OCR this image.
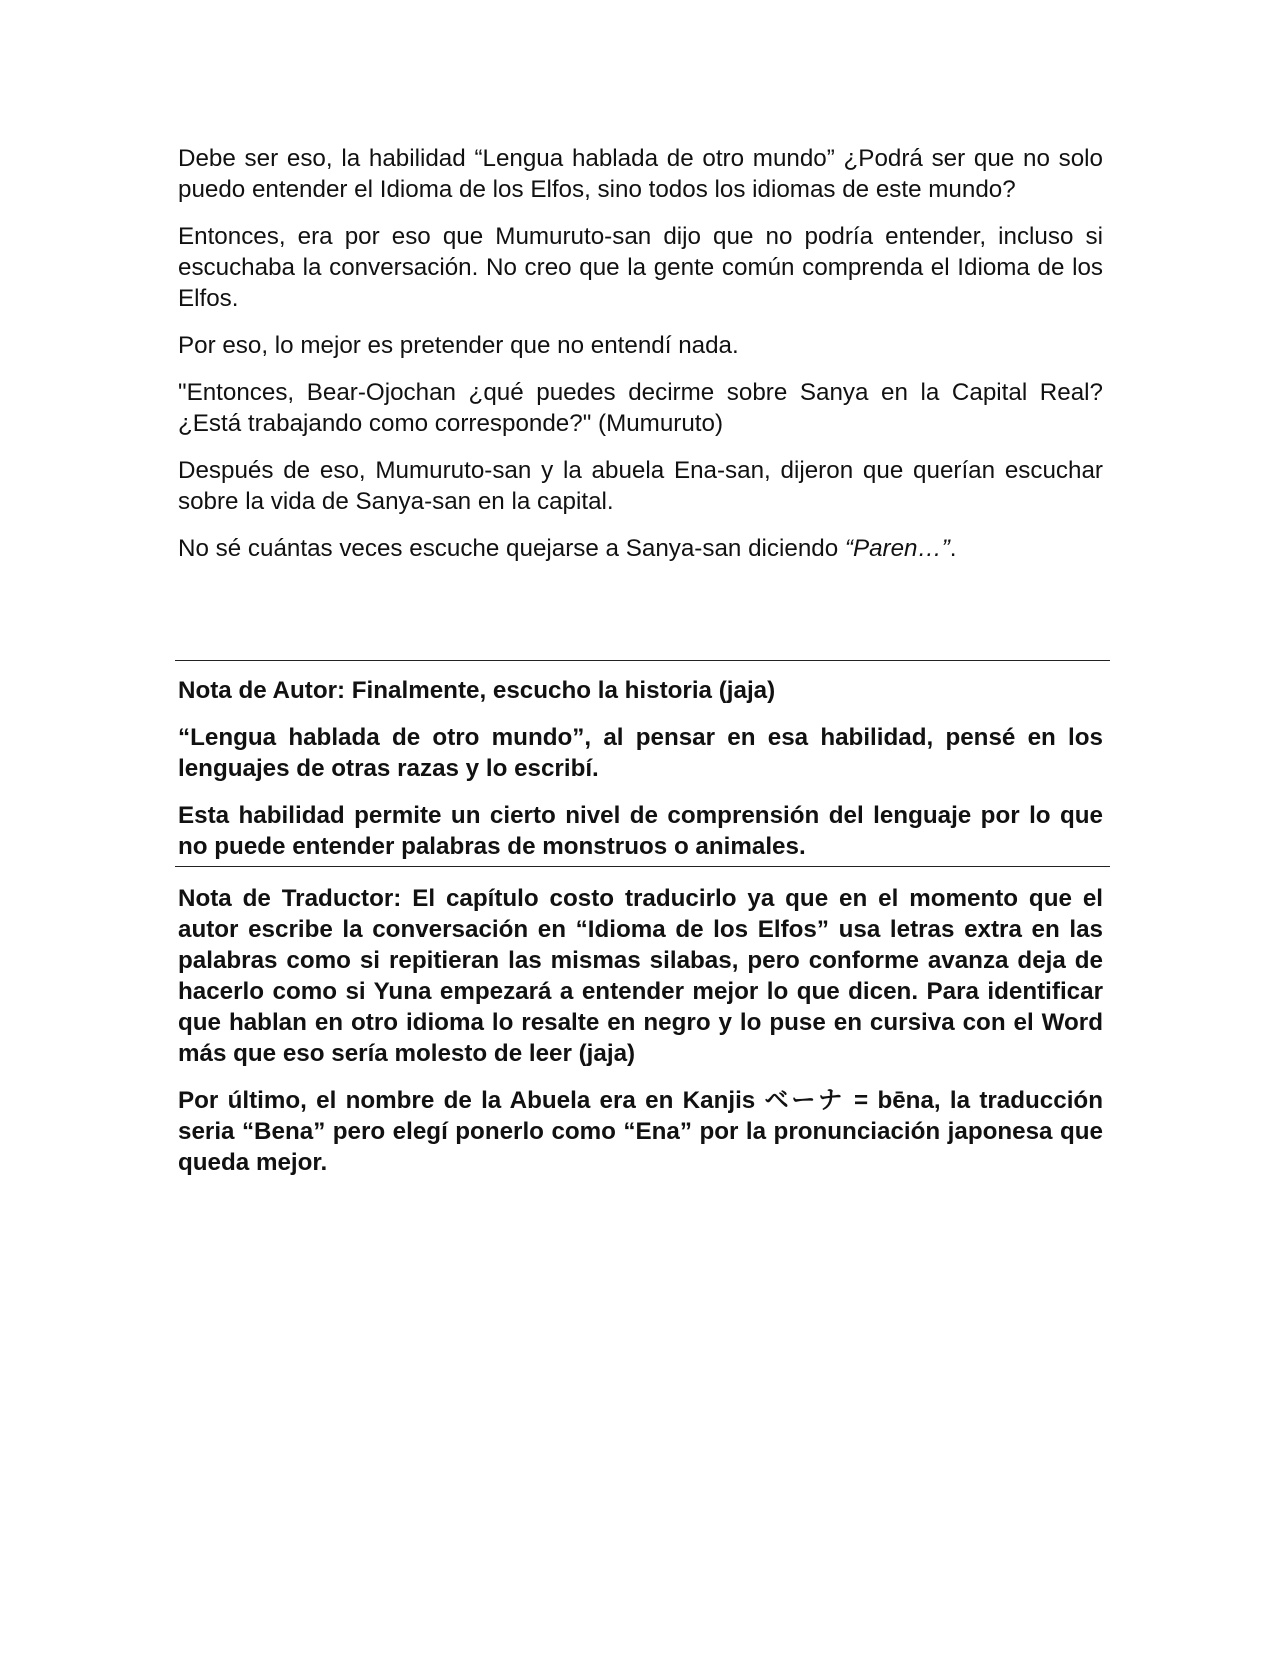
Debe ser eso, la habilidad “Lengua hablada de otro mundo” ¿Podrá ser que no solo puedo entender el Idioma de los Elfos, sino todos los idiomas de este mundo?

Entonces, era por eso que Mumuruto-san dijo que no podría entender, incluso si escuchaba la conversación. No creo que la gente común comprenda el Idioma de los Elfos.

Por eso, lo mejor es pretender que no entendí nada.

"Entonces, Bear-Ojochan ¿qué puedes decirme sobre Sanya en la Capital Real? ¿Está trabajando como corresponde?" (Mumuruto)

Después de eso, Mumuruto-san y la abuela Ena-san, dijeron que querían escuchar sobre la vida de Sanya-san en la capital.

No sé cuántas veces escuche quejarse a Sanya-san diciendo “Paren…”.

Nota de Autor: Finalmente, escucho la historia (jaja)

“Lengua hablada de otro mundo”, al pensar en esa habilidad, pensé en los lenguajes de otras razas y lo escribí.

Esta habilidad permite un cierto nivel de comprensión del lenguaje por lo que no puede entender palabras de monstruos o animales.

Nota de Traductor: El capítulo costo traducirlo ya que en el momento que el autor escribe la conversación en “Idioma de los Elfos” usa letras extra en las palabras como si repitieran las mismas silabas, pero conforme avanza deja de hacerlo como si Yuna empezará a entender mejor lo que dicen. Para identificar que hablan en otro idioma lo resalte en negro y lo puse en cursiva con el Word más que eso sería molesto de leer (jaja)

Por último, el nombre de la Abuela era en Kanjis ベーナ = bēna, la traducción seria “Bena” pero elegí ponerlo como “Ena” por la pronunciación japonesa que queda mejor.
